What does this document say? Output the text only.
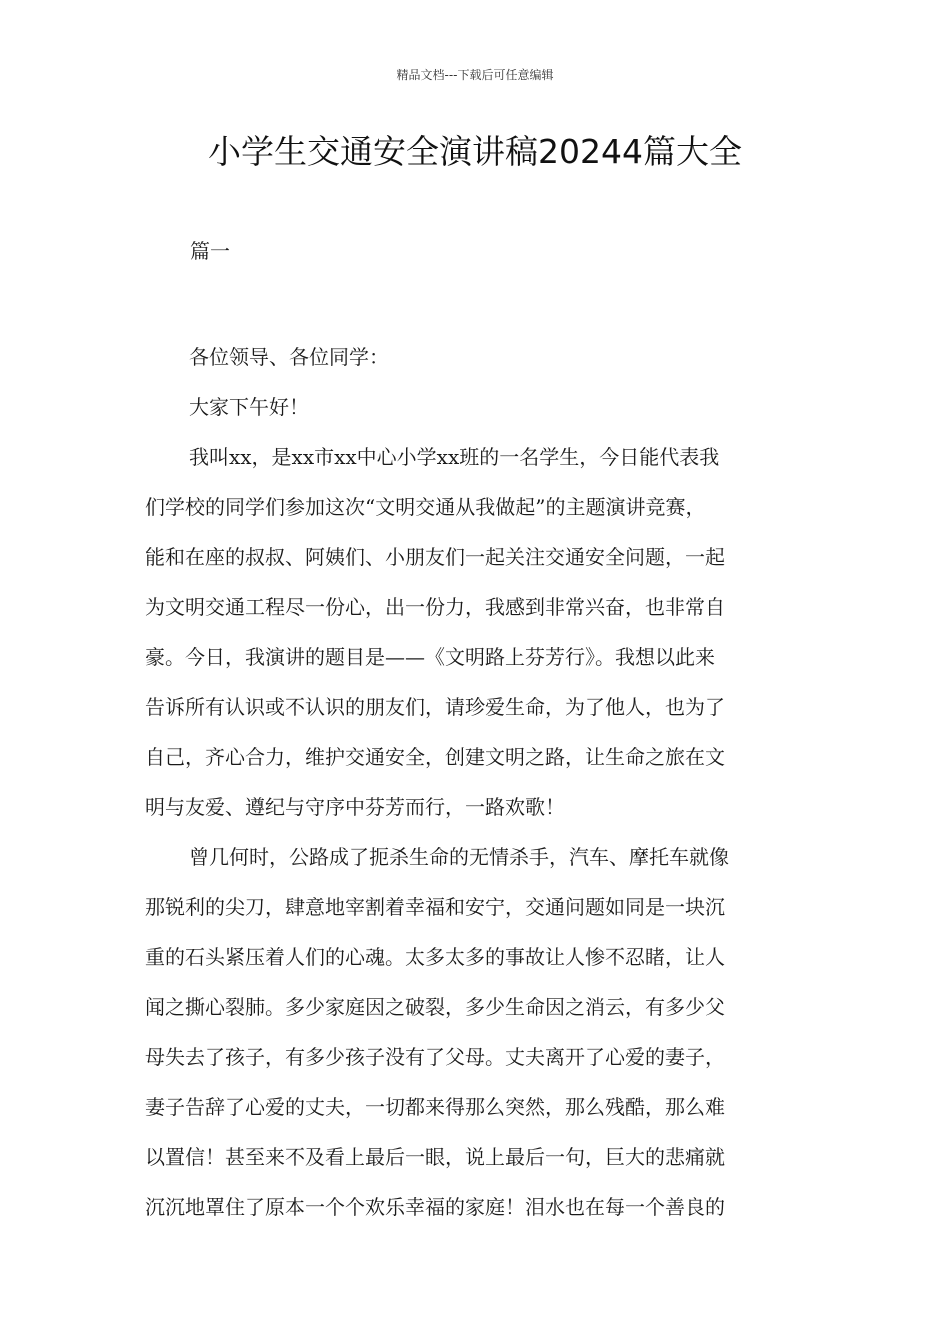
精品文档---下载后可任意编辑
小学生交通安全演讲稿20244篇大全
篇一
各位领导、各位同学：
大家下午好！
我叫xx，是xx市xx中心小学xx班的一名学生，今日能代表我
们学校的同学们参加这次“文明交通从我做起”的主题演讲竞赛，
能和在座的叔叔、阿姨们、小朋友们一起关注交通安全问题，一起
为文明交通工程尽一份心，出一份力，我感到非常兴奋，也非常自
豪。今日，我演讲的题目是——《文明路上芬芳行》。我想以此来
告诉所有认识或不认识的朋友们，请珍爱生命，为了他人，也为了
自己，齐心合力，维护交通安全，创建文明之路，让生命之旅在文
明与友爱、遵纪与守序中芬芳而行，一路欢歌！
曾几何时，公路成了扼杀生命的无情杀手，汽车、摩托车就像
那锐利的尖刀，肆意地宰割着幸福和安宁，交通问题如同是一块沉
重的石头紧压着人们的心魂。太多太多的事故让人惨不忍睹，让人
闻之撕心裂肺。多少家庭因之破裂，多少生命因之消云，有多少父
母失去了孩子，有多少孩子没有了父母。丈夫离开了心爱的妻子，
妻子告辞了心爱的丈夫，一切都来得那么突然，那么残酷，那么难
以置信！甚至来不及看上最后一眼，说上最后一句，巨大的悲痛就
沉沉地罩住了原本一个个欢乐幸福的家庭！泪水也在每一个善良的
